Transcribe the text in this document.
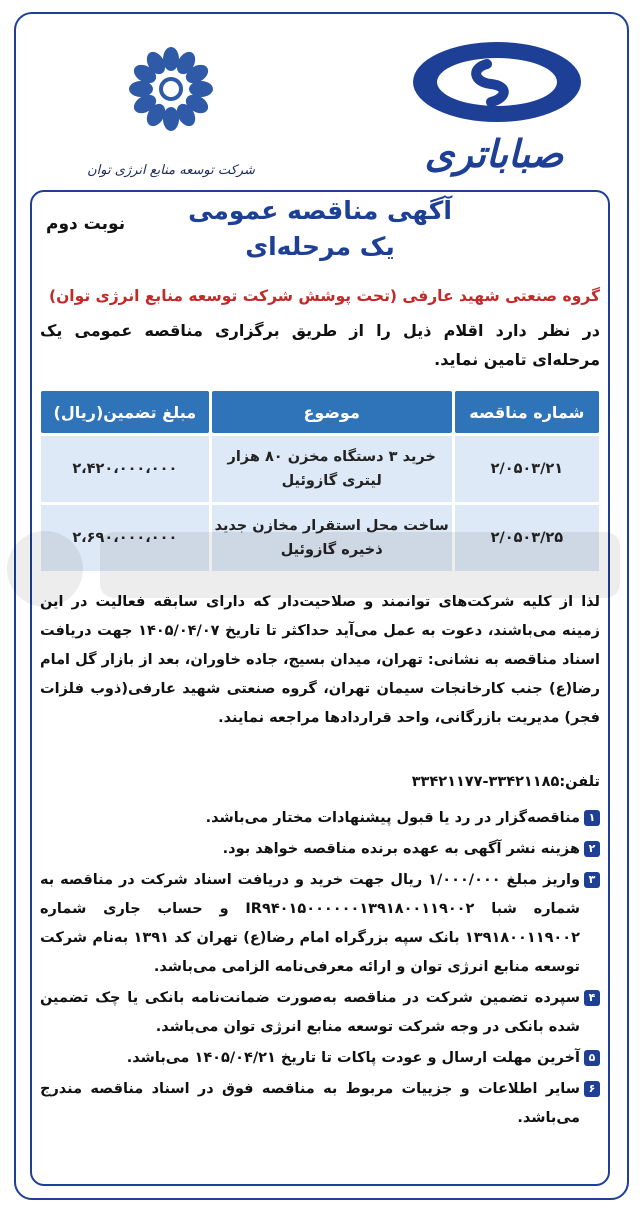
صباباتری
شرکت توسعه منابع انرژی توان
آگهی مناقصه عمومی
یک مرحله‌ای
نوبت دوم
گروه صنعتی شهید عارفی (تحت پوشش شرکت توسعه منابع انرژی توان)
در نظر دارد اقلام ذیل را از طریق برگزاری مناقصه عمومی یک مرحله‌ای تامین نماید.
شماره مناقصه	موضوع	مبلغ تضمین(ریال)
۲/۰۵۰۳/۲۱	خرید ۳ دستگاه مخزن ۸۰ هزار لیتری گازوئیل	۲،۴۲۰،۰۰۰،۰۰۰
۲/۰۵۰۳/۲۵	ساخت محل استقرار مخازن جدید ذخیره گازوئیل	۲،۶۹۰،۰۰۰،۰۰۰
لذا از کلیه شرکت‌های توانمند و صلاحیت‌دار که دارای سابقه فعالیت در این زمینه می‌باشند، دعوت به عمل می‌آید حداکثر تا تاریخ ۱۴۰۵/۰۴/۰۷ جهت دریافت اسناد مناقصه به نشانی: تهران، میدان بسیج، جاده خاوران، بعد از بازار گل امام رضا(ع) جنب کارخانجات سیمان تهران، گروه صنعتی شهید عارفی(ذوب فلزات فجر) مدیریت بازرگانی، واحد قراردادها مراجعه نمایند.
تلفن:۳۳۴۲۱۱۸۵-۳۳۴۲۱۱۷۷
۱
مناقصه‌گزار در رد یا قبول پیشنهادات مختار می‌باشد.
۲
هزینه نشر آگهی به عهده برنده مناقصه خواهد بود.
۳
واریز مبلغ ۱/۰۰۰/۰۰۰ ریال جهت خرید و دریافت اسناد شرکت در مناقصه به شماره شبا IR۹۴۰۱۵۰۰۰۰۰۰۱۳۹۱۸۰۰۱۱۹۰۰۲ و حساب جاری شماره ۱۳۹۱۸۰۰۱۱۹۰۰۲ بانک سپه بزرگراه امام رضا(ع) تهران کد ۱۳۹۱ به‌نام شرکت توسعه منابع انرژی توان و ارائه معرفی‌نامه الزامی می‌باشد.
۴
سپرده تضمین شرکت در مناقصه به‌صورت ضمانت‌نامه بانکی یا چک تضمین شده بانکی در وجه شرکت توسعه منابع انرژی توان می‌باشد.
۵
آخرین مهلت ارسال و عودت پاکات تا تاریخ ۱۴۰۵/۰۴/۲۱ می‌باشد.
۶
سایر اطلاعات و جزییات مربوط به مناقصه فوق در اسناد مناقصه مندرج می‌باشد.
